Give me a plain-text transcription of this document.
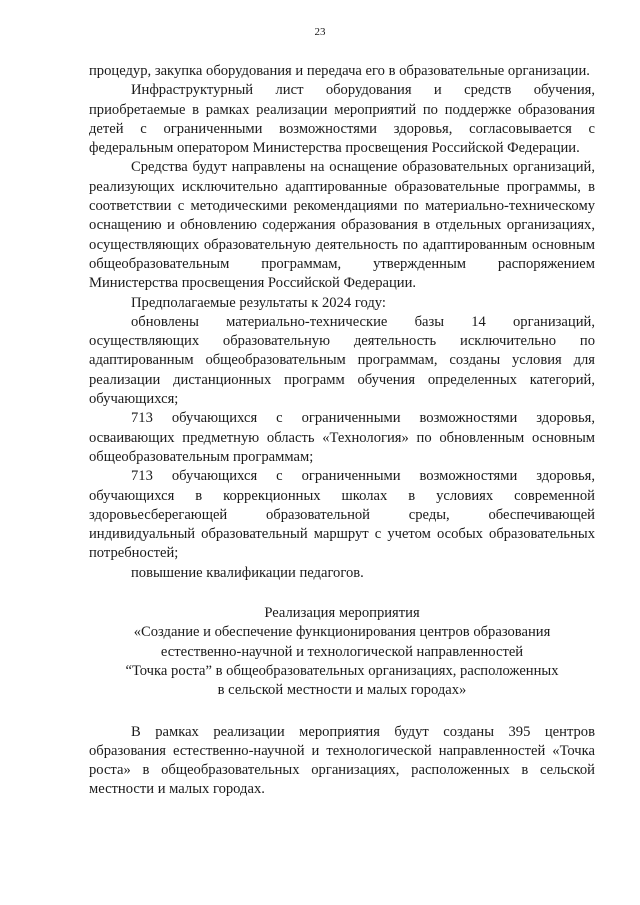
23

процедур, закупка оборудования и передача его в образовательные организации.

Инфраструктурный лист оборудования и средств обучения, приобретаемые в рамках реализации мероприятий по поддержке образования детей с ограниченными возможностями здоровья, согласовывается с федеральным оператором Министерства просвещения Российской Федерации.

Средства будут направлены на оснащение образовательных организаций, реализующих исключительно адаптированные образовательные программы, в соответствии с методическими рекомендациями по материально-техническому оснащению и обновлению содержания образования в отдельных организациях, осуществляющих образовательную деятельность по адаптированным основным общеобразовательным программам, утвержденным распоряжением Министерства просвещения Российской Федерации.

Предполагаемые результаты к 2024 году:

обновлены материально-технические базы 14 организаций, осуществляющих образовательную деятельность исключительно по адаптированным общеобразовательным программам, созданы условия для реализации дистанционных программ обучения определенных категорий, обучающихся;

713 обучающихся с ограниченными возможностями здоровья, осваивающих предметную область «Технология» по обновленным основным общеобразовательным программам;

713 обучающихся с ограниченными возможностями здоровья, обучающихся в коррекционных школах в условиях современной здоровьесберегающей образовательной среды, обеспечивающей индивидуальный образовательный маршрут с учетом особых образовательных потребностей;

повышение квалификации педагогов.

Реализация мероприятия
«Создание и обеспечение функционирования центров образования
естественно-научной и технологической направленностей
“Точка роста” в общеобразовательных организациях, расположенных
в сельской местности и малых городах»

В рамках реализации мероприятия будут созданы 395 центров образования естественно-научной и технологической направленностей «Точка роста» в общеобразовательных организациях, расположенных в сельской местности и малых городах.
